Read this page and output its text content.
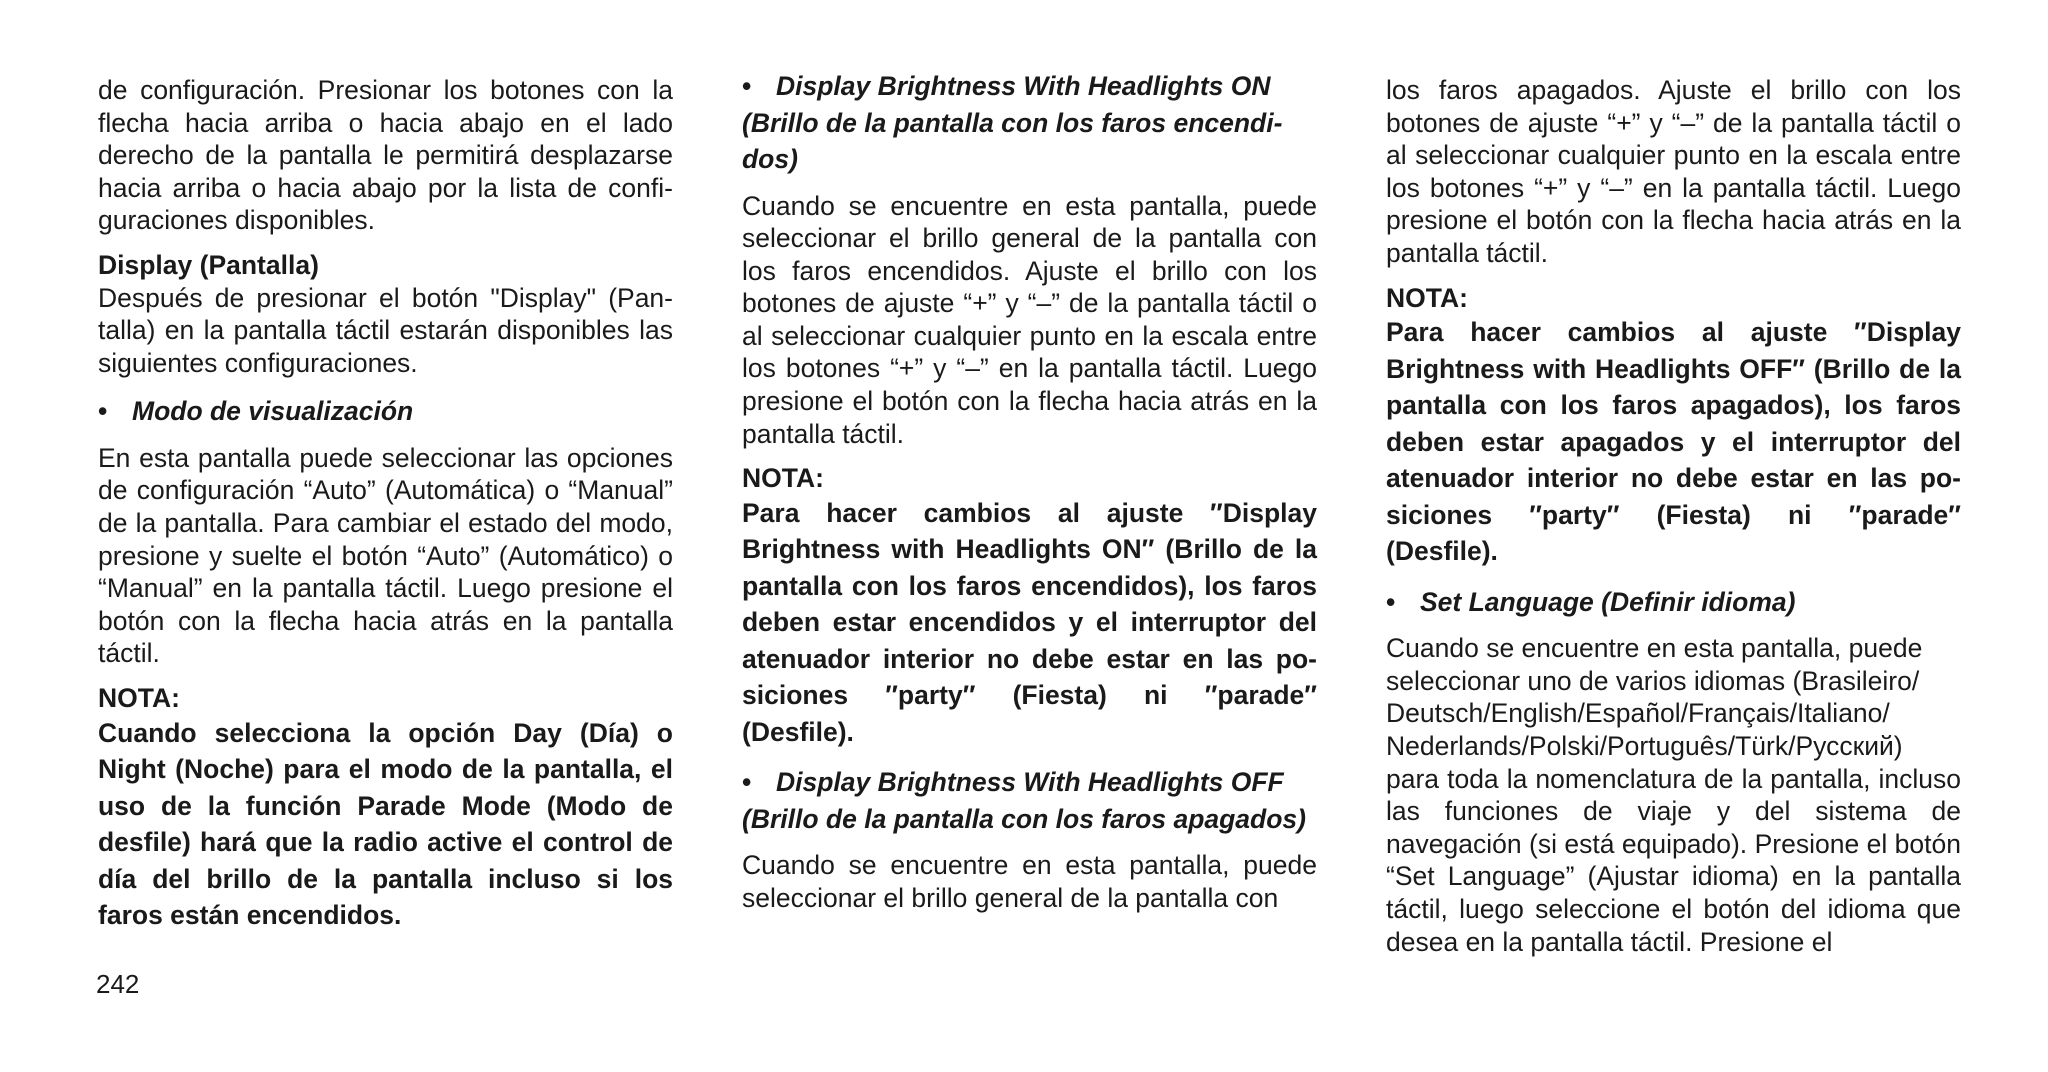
de configuración. Presionar los botones con la flecha hacia arriba o hacia abajo en el lado derecho de la pantalla le permitirá desplazarse hacia arriba o hacia abajo por la lista de configuraciones disponibles.

Display (Pantalla)

Después de presionar el botón "Display" (Pantalla) en la pantalla táctil estarán disponibles las siguientes configuraciones.

• Modo de visualización

En esta pantalla puede seleccionar las opciones de configuración “Auto” (Automática) o “Manual” de la pantalla. Para cambiar el estado del modo, presione y suelte el botón “Auto” (Automático) o “Manual” en la pantalla táctil. Luego presione el botón con la flecha hacia atrás en la pantalla táctil.

NOTA:

Cuando selecciona la opción Day (Día) o Night (Noche) para el modo de la pantalla, el uso de la función Parade Mode (Modo de desfile) hará que la radio active el control de día del brillo de la pantalla incluso si los faros están encendidos.

• Display Brightness With Headlights ON (Brillo de la pantalla con los faros encendidos)

Cuando se encuentre en esta pantalla, puede seleccionar el brillo general de la pantalla con los faros encendidos. Ajuste el brillo con los botones de ajuste “+” y “–” de la pantalla táctil o al seleccionar cualquier punto en la escala entre los botones “+” y “–” en la pantalla táctil. Luego presione el botón con la flecha hacia atrás en la pantalla táctil.

NOTA:

Para hacer cambios al ajuste ″Display Brightness with Headlights ON″ (Brillo de la pantalla con los faros encendidos), los faros deben estar encendidos y el interruptor del atenuador interior no debe estar en las posiciones ″party″ (Fiesta) ni ″parade″ (Desfile).

• Display Brightness With Headlights OFF (Brillo de la pantalla con los faros apagados)

Cuando se encuentre en esta pantalla, puede seleccionar el brillo general de la pantalla con

los faros apagados. Ajuste el brillo con los botones de ajuste “+” y “–” de la pantalla táctil o al seleccionar cualquier punto en la escala entre los botones “+” y “–” en la pantalla táctil. Luego presione el botón con la flecha hacia atrás en la pantalla táctil.

NOTA:

Para hacer cambios al ajuste ″Display Brightness with Headlights OFF″ (Brillo de la pantalla con los faros apagados), los faros deben estar apagados y el interruptor del atenuador interior no debe estar en las posiciones ″party″ (Fiesta) ni ″parade″ (Desfile).

• Set Language (Definir idioma)

Cuando se encuentre en esta pantalla, puede seleccionar uno de varios idiomas (Brasileiro/

Deutsch/English/Español/Français/Italiano/

Nederlands/Polski/Português/Türk/Русский)

para toda la nomenclatura de la pantalla, incluso las funciones de viaje y del sistema de navegación (si está equipado). Presione el botón “Set Language” (Ajustar idioma) en la pantalla táctil, luego seleccione el botón del idioma que desea en la pantalla táctil. Presione el

242
